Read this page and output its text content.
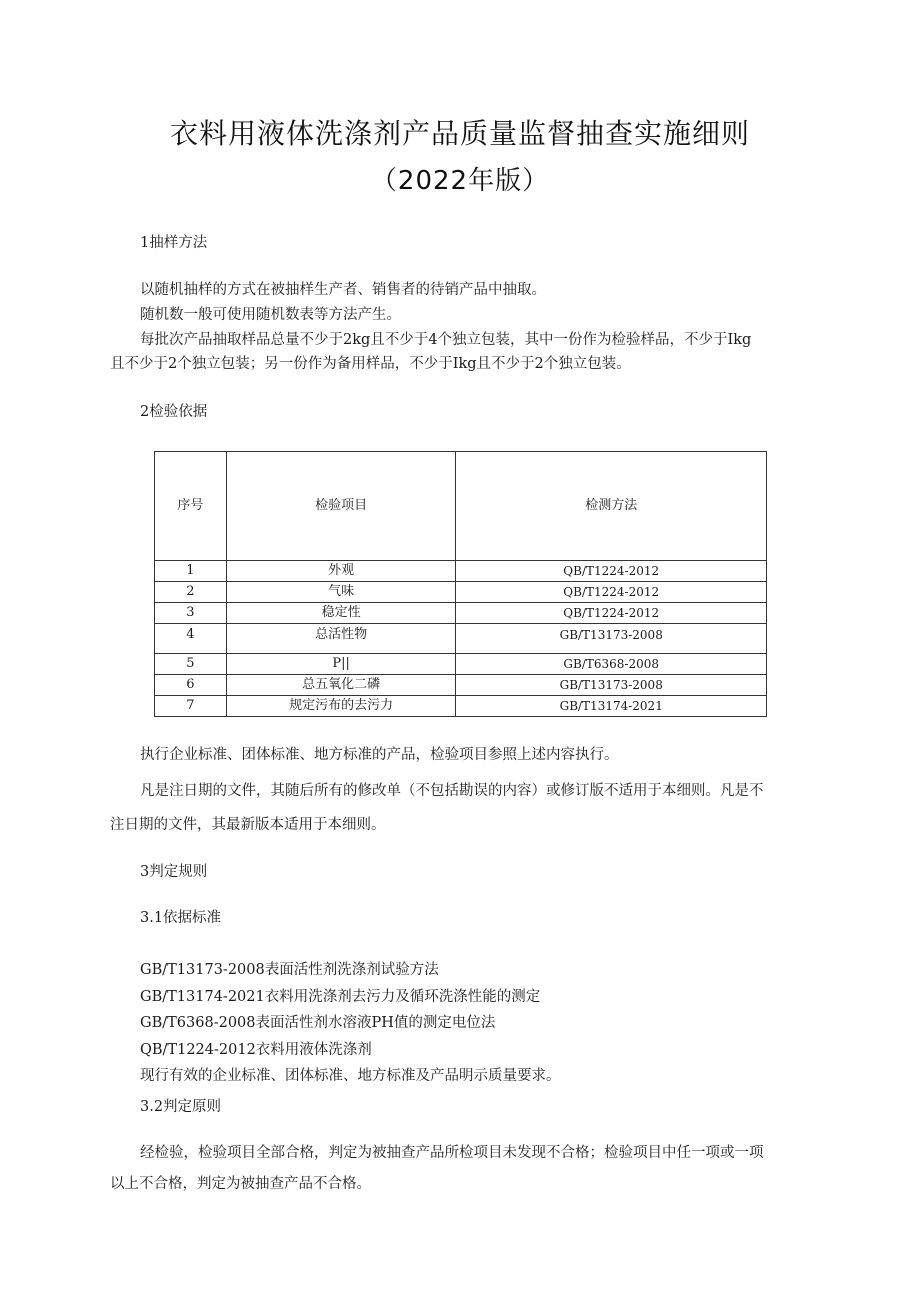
衣料用液体洗涤剂产品质量监督抽查实施细则
（2022年版）
1抽样方法
以随机抽样的方式在被抽样生产者、销售者的待销产品中抽取。
随机数一般可使用随机数表等方法产生。
每批次产品抽取样品总量不少于2kg且不少于4个独立包装，其中一份作为检验样品，不少于Ikg
且不少于2个独立包装；另一份作为备用样品，不少于Ikg且不少于2个独立包装。
2检验依据
序号	检验项目	检测方法
1	外观	QB/T1224-2012
2	气味	QB/T1224-2012
3	稳定性	QB/T1224-2012
4	总活性物	GB/T13173-2008
5	P||	GB/T6368-2008
6	总五氧化二磷	GB/T13173-2008
7	规定污布的去污力	GB/T13174-2021
执行企业标准、团体标准、地方标准的产品，检验项目参照上述内容执行。
凡是注日期的文件，其随后所有的修改单（不包括勘误的内容）或修订版不适用于本细则。凡是不
注日期的文件，其最新版本适用于本细则。
3判定规则
3.1依据标准
GB/T13173-2008表面活性剂洗涤剂试验方法
GB/T13174-2021衣料用洗涤剂去污力及循环洗涤性能的测定
GB/T6368-2008表面活性剂水溶液PH值的测定电位法
QB/T1224-2012衣料用液体洗涤剂
现行有效的企业标准、团体标准、地方标准及产品明示质量要求。
3.2判定原则
经检验，检验项目全部合格，判定为被抽查产品所检项目未发现不合格；检验项目中任一项或一项
以上不合格，判定为被抽查产品不合格。
